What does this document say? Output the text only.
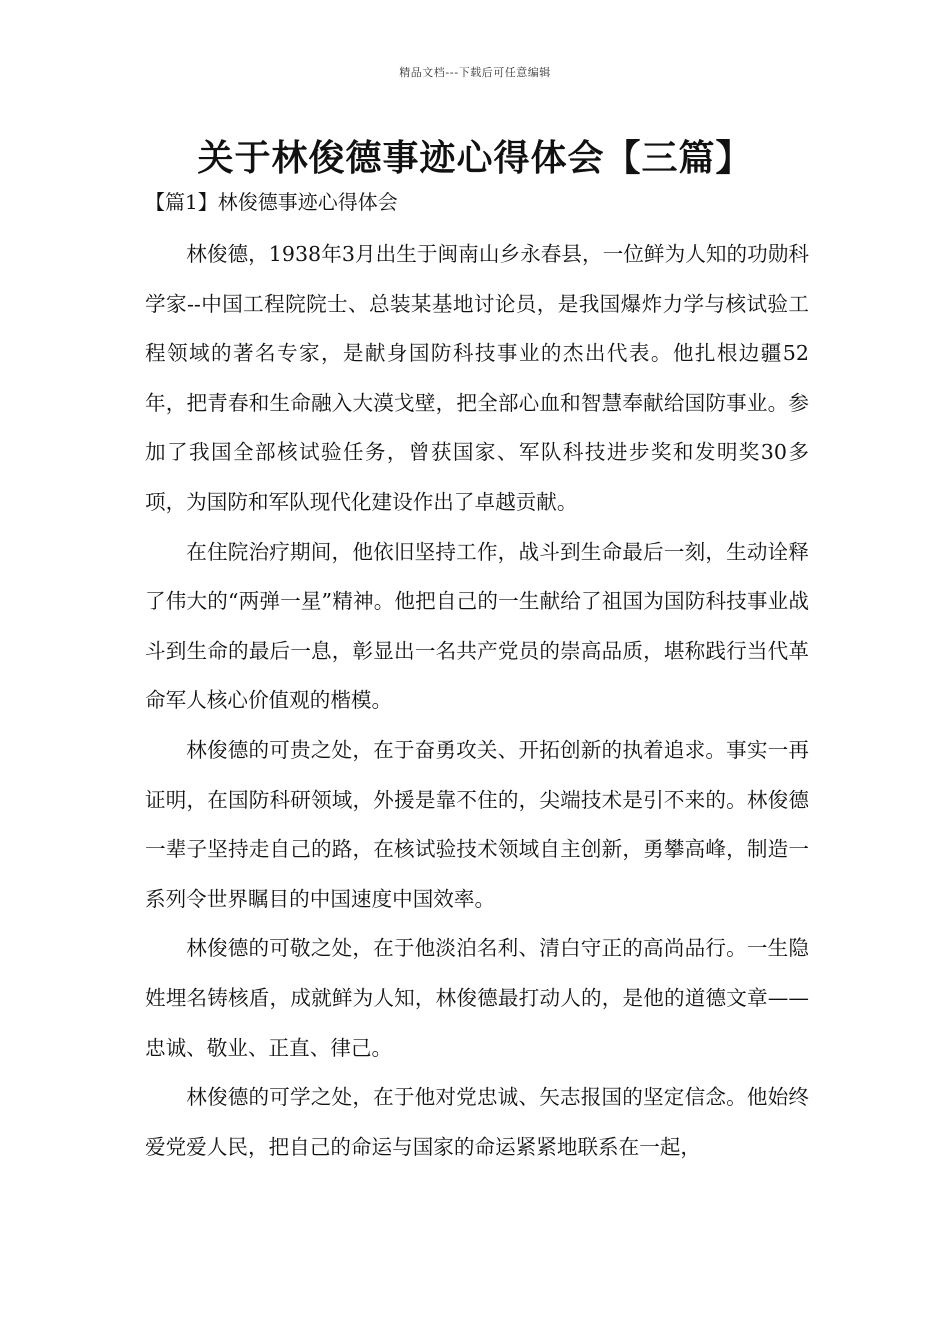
精品文档---下载后可任意编辑
关于林俊德事迹心得体会【三篇】
【篇1】林俊德事迹心得体会

林俊德，1938年3月出生于闽南山乡永春县，一位鲜为人知的功勋科学家--中国工程院院士、总装某基地讨论员，是我国爆炸力学与核试验工程领域的著名专家，是献身国防科技事业的杰出代表。他扎根边疆52年，把青春和生命融入大漠戈壁，把全部心血和智慧奉献给国防事业。参加了我国全部核试验任务，曾获国家、军队科技进步奖和发明奖30多项，为国防和军队现代化建设作出了卓越贡献。

在住院治疗期间，他依旧坚持工作，战斗到生命最后一刻，生动诠释了伟大的“两弹一星”精神。他把自己的一生献给了祖国为国防科技事业战斗到生命的最后一息，彰显出一名共产党员的崇高品质，堪称践行当代革命军人核心价值观的楷模。

林俊德的可贵之处，在于奋勇攻关、开拓创新的执着追求。事实一再证明，在国防科研领域，外援是靠不住的，尖端技术是引不来的。林俊德一辈子坚持走自己的路，在核试验技术领域自主创新，勇攀高峰，制造一系列令世界瞩目的中国速度中国效率。

林俊德的可敬之处，在于他淡泊名利、清白守正的高尚品行。一生隐姓埋名铸核盾，成就鲜为人知，林俊德最打动人的，是他的道德文章——忠诚、敬业、正直、律己。

林俊德的可学之处，在于他对党忠诚、矢志报国的坚定信念。他始终爱党爱人民，把自己的命运与国家的命运紧紧地联系在一起，
